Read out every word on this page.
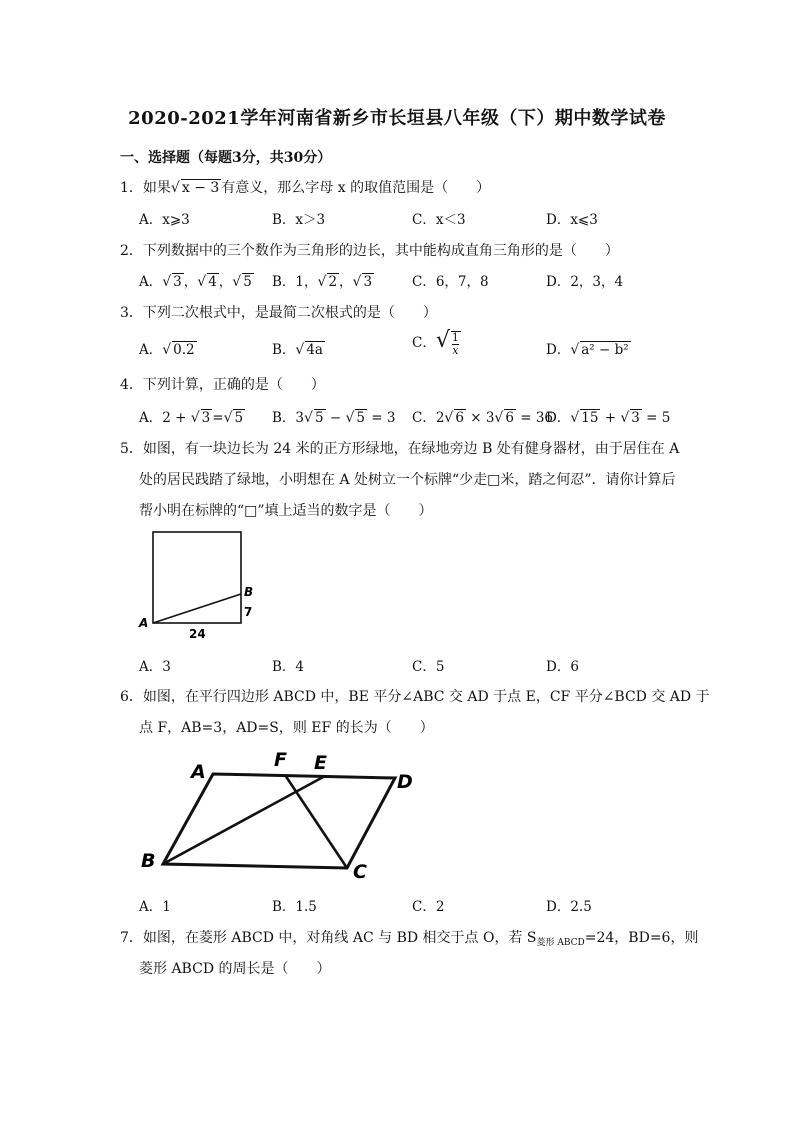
2020-2021学年河南省新乡市长垣县八年级（下）期中数学试卷
一、选择题（每题3分，共30分）
1．如果√ x − 3 有意义，那么字母 x 的取值范围是（　　）
A．x⩾3	B．x＞3	C．x＜3	D．x⩽3
2．下列数据中的三个数作为三角形的边长，其中能构成直角三角形的是（　　）
A．√ 3 ，√ 4 ，√ 5 B．1，√ 2 ，√ 3	C．6，7，8	D．2，3，4
3．下列二次根式中，是最简二次根式的是（　　）
A．√ 0.2	B．√ 4a	C．√ $\frac{1}{x}$	D．√ a² − b²
4．下列计算，正确的是（　　）
A．2 + √ 3 =√ 5 B．3√ 5 − √ 5 = 3 C．2√ 6 × 3√ 6 = 36
D．√ 15 + √ 3 = 5
5．如图，有一块边长为 24 米的正方形绿地，在绿地旁边 B 处有健身器材，由于居住在 A
处的居民践踏了绿地，小明想在 A 处树立一个标牌“少走□米，踏之何忍”．请你计算后
帮小明在标牌的“□”填上适当的数字是（　　）
A
B
7
24
A．3	B．4	C．5	D．6
6．如图，在平行四边形 ABCD 中，BE 平分∠ABC 交 AD 于点 E，CF 平分∠BCD 交 AD 于
点 F，AB=3，AD=S，则 EF 的长为（　　）
A
F E
D
B	C
A．1	B．1.5	C．2	D．2.5
7．如图，在菱形 ABCD 中，对角线 AC 与 BD 相交于点 O，若 $S_{菱形 ABCD}=24$，BD=6，则
菱形 ABCD 的周长是（　　）
